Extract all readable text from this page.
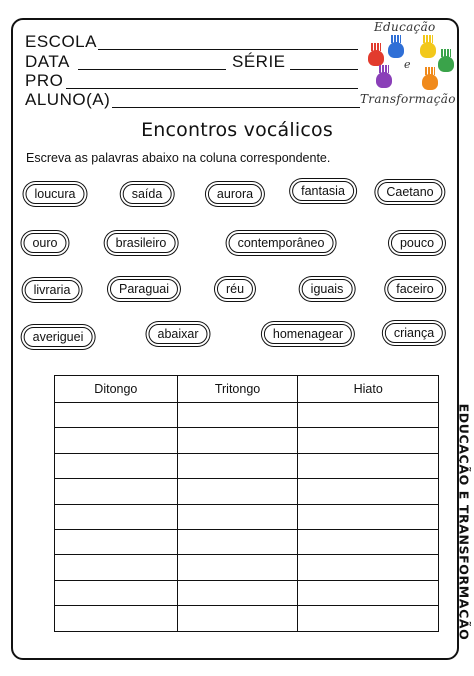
ESCOLA
DATA	SÉRIE
PRO
ALUNO(A)
Educação
e
Transformação
Encontros vocálicos
Escreva as palavras abaixo na coluna correspondente.
loucura	saída	aurora	fantasia	Caetano
ouro	brasileiro	contemporâneo	pouco
livraria	Paraguai	réu	iguais	faceiro
averiguei	abaixar	homenagear	criança
Ditongo	Tritongo	Hiato

EDUCAÇÃO E TRANSFORMAÇÃO
